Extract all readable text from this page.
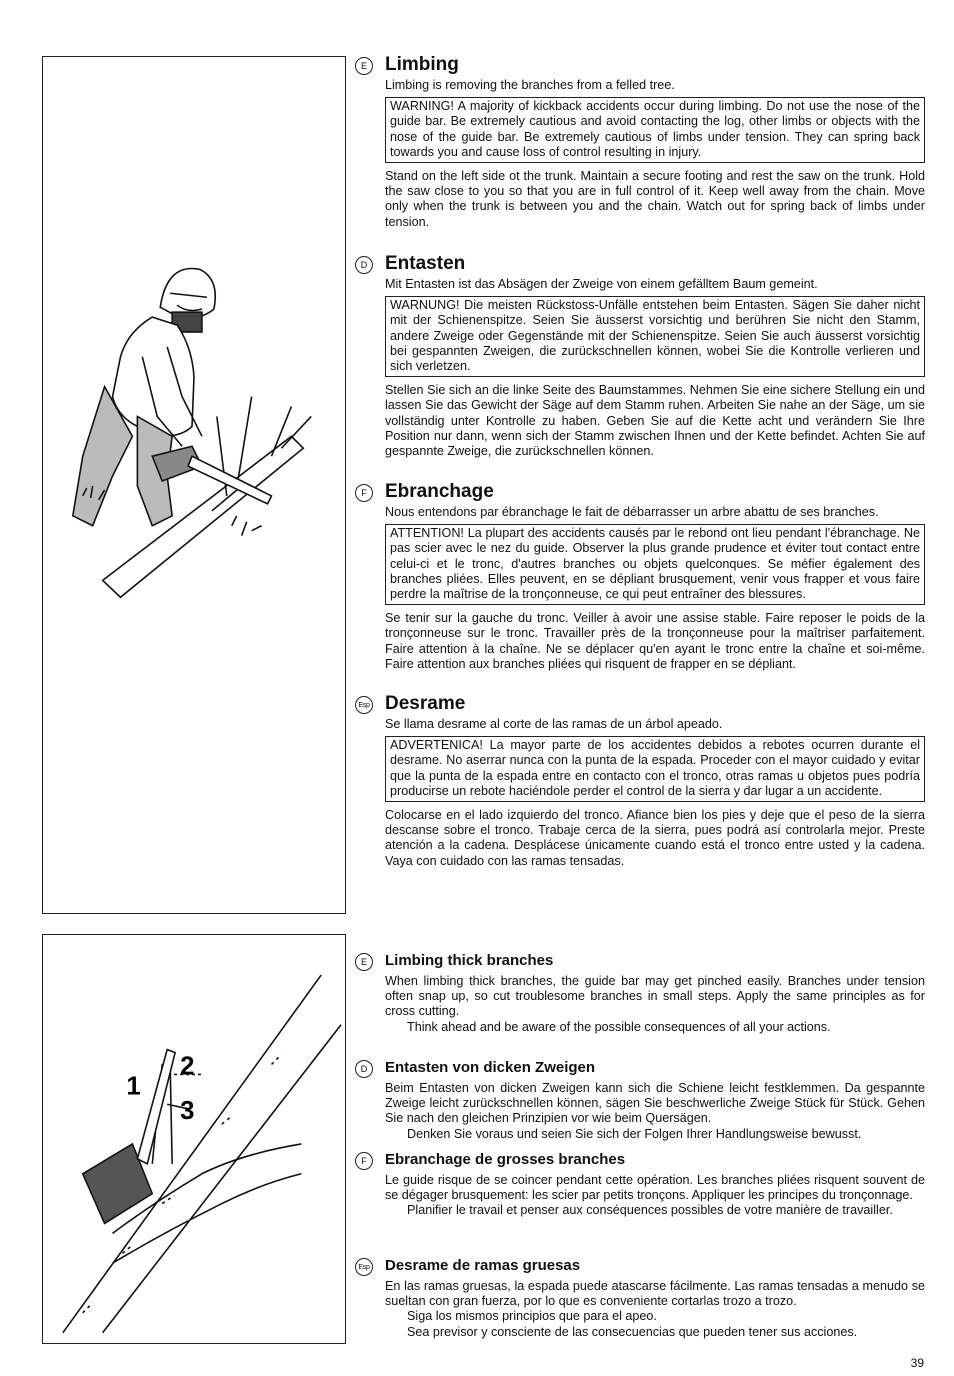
1
2
3
E Limbing

Limbing is removing the branches from a felled tree.

WARNING! A majority of kickback accidents occur during limbing. Do not use the nose of the guide bar. Be extremely cautious and avoid contacting the log, other limbs or objects with the nose of the guide bar. Be extremely cautious of limbs under tension. They can spring back towards you and cause loss of control resulting in injury.

Stand on the left side ot the trunk. Maintain a secure footing and rest the saw on the trunk. Hold the saw close to you so that you are in full control of it. Keep well away from the chain. Move only when the trunk is between you and the chain. Watch out for spring back of limbs under tension.

D Entasten

Mit Entasten ist das Absägen der Zweige von einem gefälltem Baum gemeint.

WARNUNG! Die meisten Rückstoss-Unfälle entstehen beim Entasten. Sägen Sie daher nicht mit der Schienenspitze. Seien Sie äusserst vorsichtig und berühren Sie nicht den Stamm, andere Zweige oder Gegenstände mit der Schienenspitze. Seien Sie auch äusserst vorsichtig bei gespannten Zweigen, die zurückschnellen können, wobei Sie die Kontrolle verlieren und sich verletzen.

Stellen Sie sich an die linke Seite des Baumstammes. Nehmen Sie eine sichere Stellung ein und lassen Sie das Gewicht der Säge auf dem Stamm ruhen. Arbeiten Sie nahe an der Säge, um sie vollständig unter Kontrolle zu haben. Geben Sie auf die Kette acht und verändern Sie Ihre Position nur dann, wenn sich der Stamm zwischen Ihnen und der Kette befindet. Achten Sie auf gespannte Zweige, die zurückschnellen können.

F Ebranchage

Nous entendons par ébranchage le fait de débarrasser un arbre abattu de ses branches.

ATTENTION! La plupart des accidents causés par le rebond ont lieu pendant l'ébranchage. Ne pas scier avec le nez du guide. Observer la plus grande prudence et éviter tout contact entre celui-ci et le tronc, d'autres branches ou objets quelconques. Se méfier également des branches pliées. Elles peuvent, en se dépliant brusquement, venir vous frapper et vous faire perdre la maîtrise de la tronçonneuse, ce qui peut entraîner des blessures.

Se tenir sur la gauche du tronc. Veiller à avoir une assise stable. Faire reposer le poids de la tronçonneuse sur le tronc. Travailler près de la tronçonneuse pour la maîtriser parfaitement. Faire attention à la chaîne. Ne se déplacer qu'en ayant le tronc entre la chaîne et soi-même. Faire attention aux branches pliées qui risquent de frapper en se dépliant.

Esp Desrame

Se llama desrame al corte de las ramas de un árbol apeado.

ADVERTENICA! La mayor parte de los accidentes debidos a rebotes ocurren durante el desrame. No aserrar nunca con la punta de la espada. Proceder con el mayor cuidado y evitar que la punta de la espada entre en contacto con el tronco, otras ramas u objetos pues podría producirse un rebote haciéndole perder el control de la sierra y dar lugar a un accidente.

Colocarse en el lado izquierdo del tronco. Afiance bien los pies y deje que el peso de la sierra descanse sobre el tronco. Trabaje cerca de la sierra, pues podrá así controlarla mejor. Preste atención a la cadena. Desplácese únicamente cuando está el tronco entre usted y la cadena. Vaya con cuidado con las ramas tensadas.

E	Limbing thick branches

When limbing thick branches, the guide bar may get pinched easily. Branches under tension often snap up, so cut troublesome branches in small steps. Apply the same principles as for cross cutting.

Think ahead and be aware of the possible consequences of all your actions.

D	Entasten von dicken Zweigen

Beim Entasten von dicken Zweigen kann sich die Schiene leicht festklemmen. Da gespannte Zweige leicht zurückschnellen können, sägen Sie beschwerliche Zweige Stück für Stück. Gehen Sie nach den gleichen Prinzipien vor wie beim Quersägen.

Denken Sie voraus und seien Sie sich der Folgen Ihrer Handlungsweise bewusst.

F	Ebranchage de grosses branches

Le guide risque de se coincer pendant cette opération. Les branches pliées risquent souvent de se dégager brusquement: les scier par petits tronçons. Appliquer les principes du tronçonnage.

Planifier le travail et penser aux conséquences possibles de votre manière de travailler.

Esp Desrame de ramas gruesas

En las ramas gruesas, la espada puede atascarse fácilmente. Las ramas tensadas a menudo se sueltan con gran fuerza, por lo que es conveniente cortarlas trozo a trozo.

Siga los mismos principios que para el apeo.

Sea previsor y consciente de las consecuencias que pueden tener sus acciones.

39
